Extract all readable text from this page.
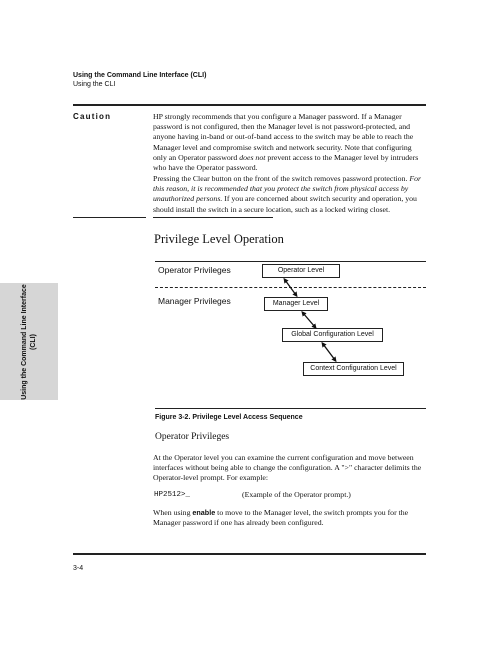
Using the Command Line Interface (CLI)
Using the CLI
Caution	HP strongly recommends that you configure a Manager password. If a Manager password is not configured, then the Manager level is not password-protected, and anyone having in-band or out-of-band access to the switch may be able to reach the Manager level and compromise switch and network security. Note that configuring only an Operator password does not prevent access to the Manager level by intruders who have the Operator password.
Pressing the Clear button on the front of the switch removes password protection. For this reason, it is recommended that you protect the switch from physical access by unauthorized persons. If you are concerned about switch security and operation, you should install the switch in a secure location, such as a locked wiring closet.
Privilege Level Operation
Operator Privileges	Operator Level
Manager Privileges	Manager Level
Global Configuration Level
Context Configuration Level
Figure 3-2. Privilege Level Access Sequence
Operator Privileges
At the Operator level you can examine the current configuration and move between interfaces without being able to change the configuration. A ">" character delimits the Operator-level prompt. For example:
HP2512>_	(Example of the Operator prompt.)
When using enable to move to the Manager level, the switch prompts you for the Manager password if one has already been configured.
Using the Command Line Interface (CLI)
3-4
